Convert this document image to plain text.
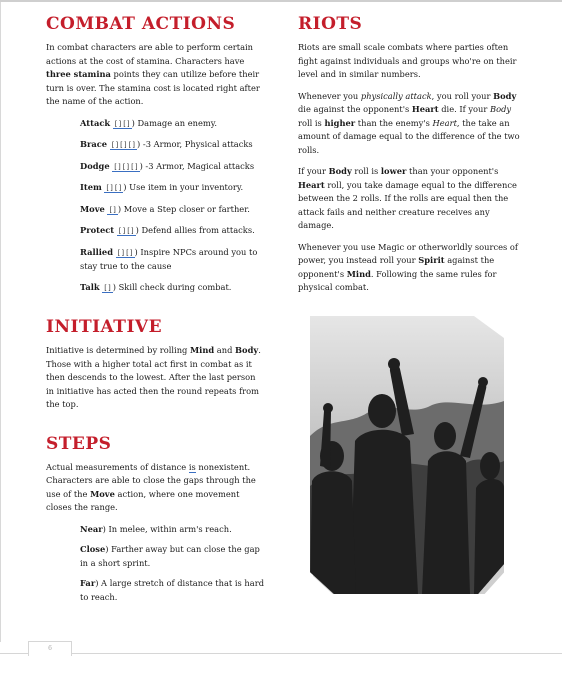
COMBAT ACTIONS

In combat characters are able to perform certain actions at the cost of stamina. Characters have three stamina points they can utilize before their turn is over. The stamina cost is located right after the name of the action.

Attack [][]) Damage an enemy.

Brace [][][]) -3 Armor, Physical attacks

Dodge [][][]) -3 Armor, Magical attacks

Item [][]) Use item in your inventory.

Move []) Move a Step closer or farther.

Protect [][]) Defend allies from attacks.

Rallied [][]) Inspire NPCs around you to stay true to the cause

Talk []) Skill check during combat.

INITIATIVE

Initiative is determined by rolling Mind and Body. Those with a higher total act first in combat as it then descends to the lowest. After the last person in initiative has acted then the round repeats from the top.

STEPS

Actual measurements of distance is nonexistent. Characters are able to close the gaps through the use of the Move action, where one movement closes the range.

Near) In melee, within arm's reach.

Close) Farther away but can close the gap in a short sprint.

Far) A large stretch of distance that is hard to reach.

RIOTS

Riots are small scale combats where parties often fight against individuals and groups who're on their level and in similar numbers.

Whenever you physically attack, you roll your Body die against the opponent's Heart die. If your Body roll is higher than the enemy's Heart, the take an amount of damage equal to the difference of the two rolls.

If your Body roll is lower than your opponent's Heart roll, you take damage equal to the difference between the 2 rolls. If the rolls are equal then the attack fails and neither creature receives any damage.

Whenever you use Magic or otherworldly sources of power, you instead roll your Spirit against the opponent's Mind. Following the same rules for physical combat.

6
